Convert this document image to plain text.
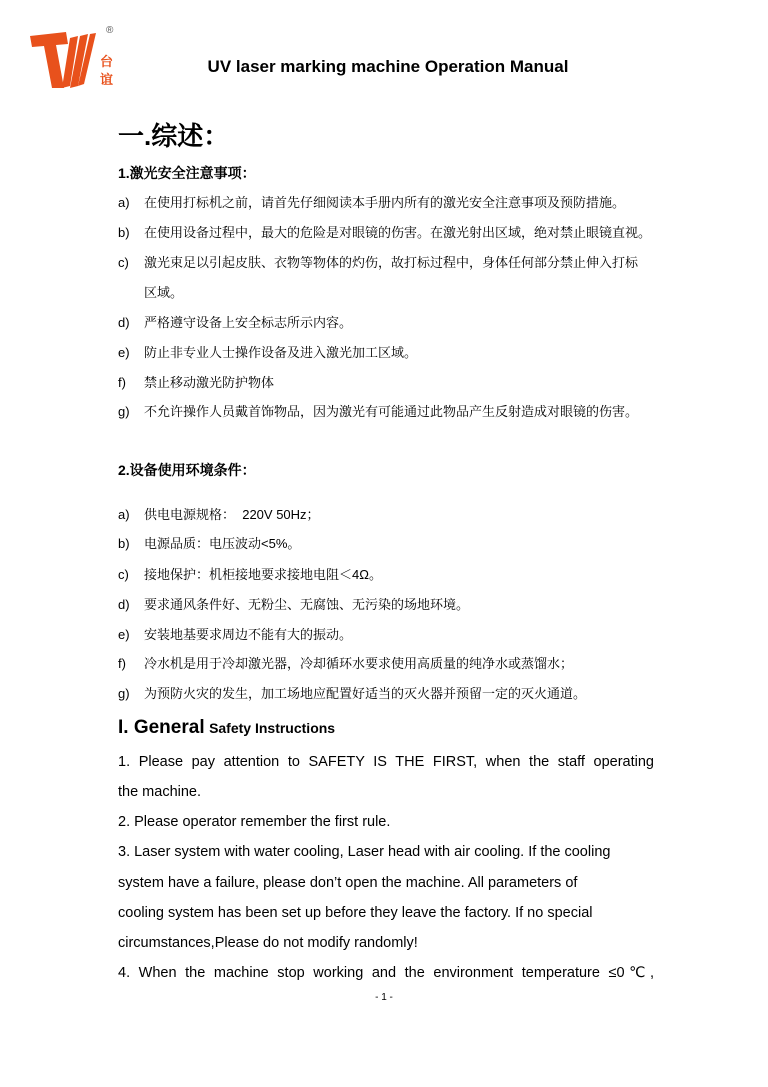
台
谊
®
UV laser marking machine Operation Manual
一.综述：
1.激光安全注意事项：
a) 在使用打标机之前，请首先仔细阅读本手册内所有的激光安全注意事项及预防措施。
b) 在使用设备过程中，最大的危险是对眼镜的伤害。在激光射出区域，绝对禁止眼镜直视。
c) 激光束足以引起皮肤、衣物等物体的灼伤，故打标过程中，身体任何部分禁止伸入打标
区域。
d) 严格遵守设备上安全标志所示内容。
e) 防止非专业人士操作设备及进入激光加工区域。
f) 禁止移动激光防护物体
g) 不允许操作人员戴首饰物品，因为激光有可能通过此物品产生反射造成对眼镜的伤害。
2.设备使用环境条件：
a) 供电电源规格：  220V 50Hz；
b) 电源品质：电压波动<5%。
c) 接地保护：机柜接地要求接地电阻＜4Ω。
d) 要求通风条件好、无粉尘、无腐蚀、无污染的场地环境。
e) 安装地基要求周边不能有大的振动。
f) 冷水机是用于冷却激光器，冷却循环水要求使用高质量的纯净水或蒸馏水；
g) 为预防火灾的发生，加工场地应配置好适当的灭火器并预留一定的灭火通道。
I. General Safety Instructions
1. Please pay attention to SAFETY IS THE FIRST, when the staff operating
the machine.
2. Please operator remember the first rule.
3. Laser system with water cooling, Laser head with air cooling. If the cooling
system have a failure, please don’t open the machine. All parameters of
cooling system has been set up before they leave the factory. If no special
circumstances,Please do not modify randomly!
4. When the machine stop working and the environment temperature ≤0℃,
- 1 -
